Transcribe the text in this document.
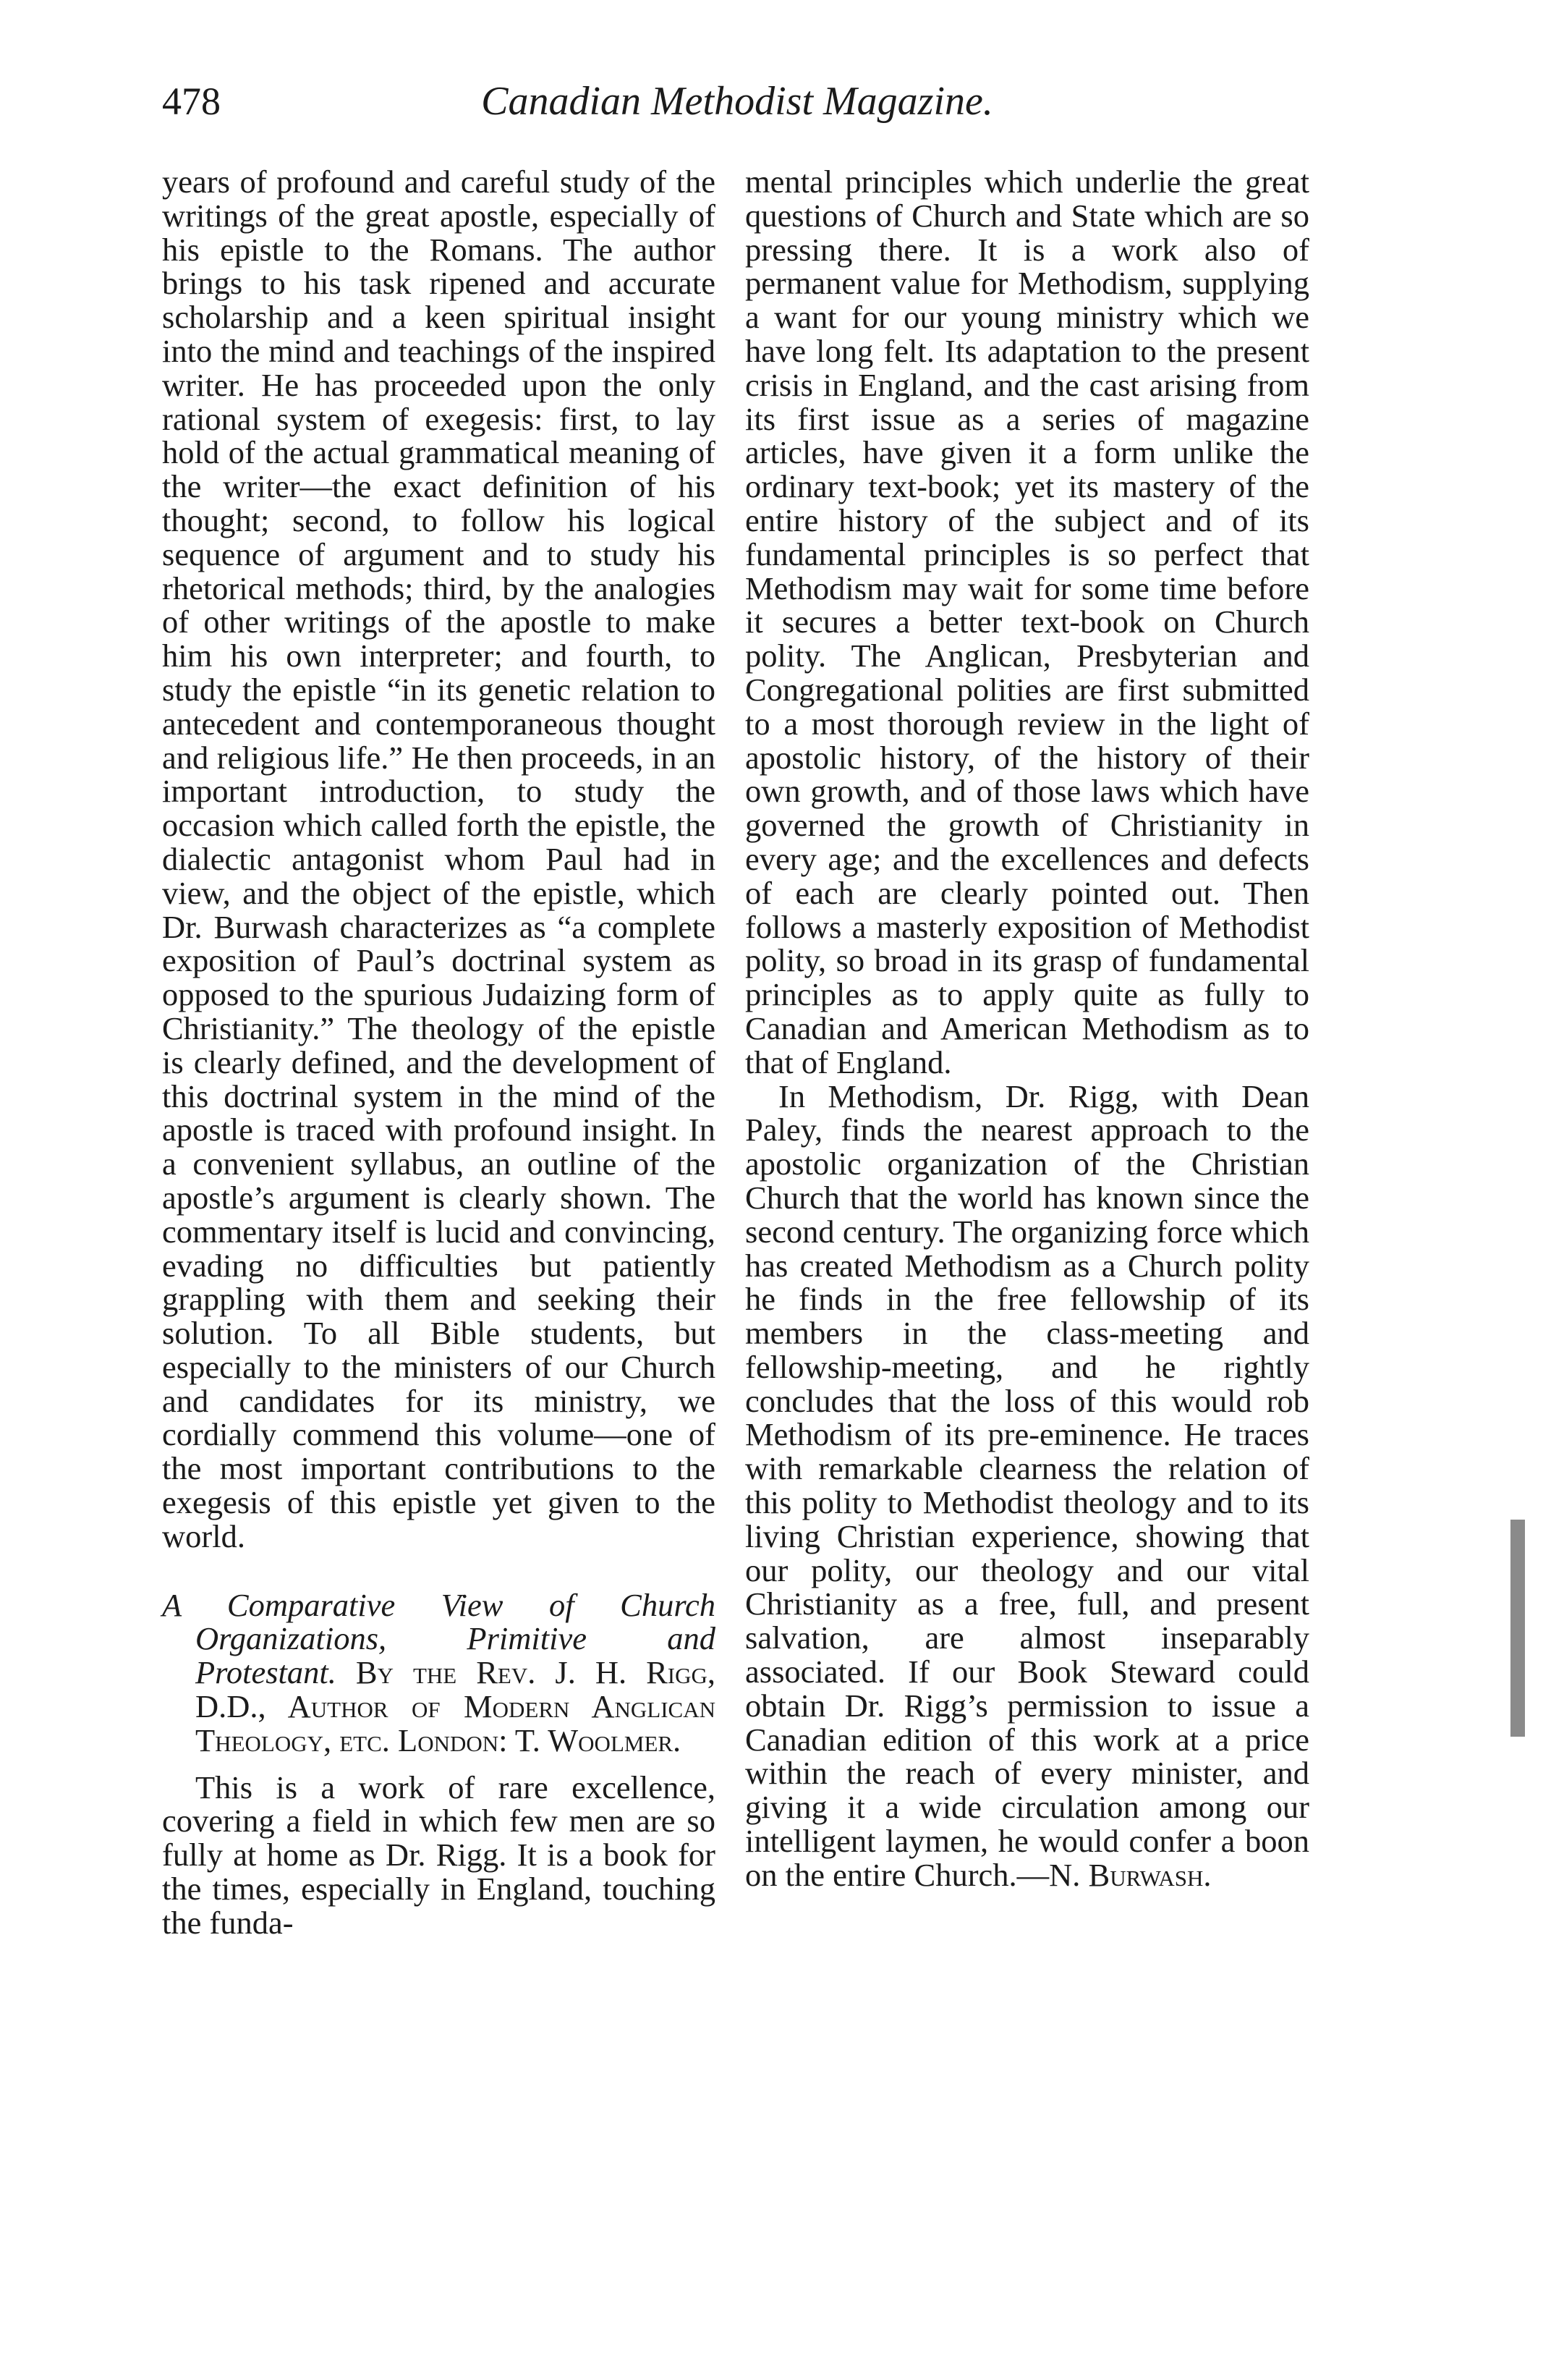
478	Canadian Methodist Magazine.

years of profound and careful study of the writings of the great apostle, especially of his epistle to the Romans. The author brings to his task ripened and accurate scholarship and a keen spiritual insight into the mind and teachings of the inspired writer. He has proceeded upon the only rational system of exegesis: first, to lay hold of the actual grammatical meaning of the writer—the exact definition of his thought; second, to follow his logical sequence of argument and to study his rhetorical methods; third, by the analogies of other writings of the apostle to make him his own interpreter; and fourth, to study the epistle “in its genetic relation to antecedent and contemporaneous thought and religious life.” He then proceeds, in an important introduction, to study the occasion which called forth the epistle, the dialectic antagonist whom Paul had in view, and the object of the epistle, which Dr. Burwash characterizes as “a complete exposition of Paul’s doctrinal system as opposed to the spurious Judaizing form of Christianity.” The theology of the epistle is clearly defined, and the development of this doctrinal system in the mind of the apostle is traced with profound insight. In a convenient syllabus, an outline of the apostle’s argument is clearly shown. The commentary itself is lucid and convincing, evading no difficulties but patiently grappling with them and seeking their solution. To all Bible students, but especially to the ministers of our Church and candidates for its ministry, we cordially commend this volume—one of the most important contributions to the exegesis of this epistle yet given to the world.

A Comparative View of Church Organizations, Primitive and Protestant. By the Rev. J. H. Rigg, D.D., Author of Modern Anglican Theology, etc. London: T. Woolmer.

This is a work of rare excellence, covering a field in which few men are so fully at home as Dr. Rigg. It is a book for the times, especially in England, touching the funda-

mental principles which underlie the great questions of Church and State which are so pressing there. It is a work also of permanent value for Methodism, supplying a want for our young ministry which we have long felt. Its adaptation to the present crisis in England, and the cast arising from its first issue as a series of magazine articles, have given it a form unlike the ordinary text-book; yet its mastery of the entire history of the subject and of its fundamental principles is so perfect that Methodism may wait for some time before it secures a better text-book on Church polity. The Anglican, Presbyterian and Congregational polities are first submitted to a most thorough review in the light of apostolic history, of the history of their own growth, and of those laws which have governed the growth of Christianity in every age; and the excellences and defects of each are clearly pointed out. Then follows a masterly exposition of Methodist polity, so broad in its grasp of fundamental principles as to apply quite as fully to Canadian and American Methodism as to that of England.

In Methodism, Dr. Rigg, with Dean Paley, finds the nearest approach to the apostolic organization of the Christian Church that the world has known since the second century. The organizing force which has created Methodism as a Church polity he finds in the free fellowship of its members in the class-meeting and fellowship-meeting, and he rightly concludes that the loss of this would rob Methodism of its pre-eminence. He traces with remarkable clearness the relation of this polity to Methodist theology and to its living Christian experience, showing that our polity, our theology and our vital Christianity as a free, full, and present salvation, are almost inseparably associated. If our Book Steward could obtain Dr. Rigg’s permission to issue a Canadian edition of this work at a price within the reach of every minister, and giving it a wide circulation among our intelligent laymen, he would confer a boon on the entire Church.—N. Burwash.
